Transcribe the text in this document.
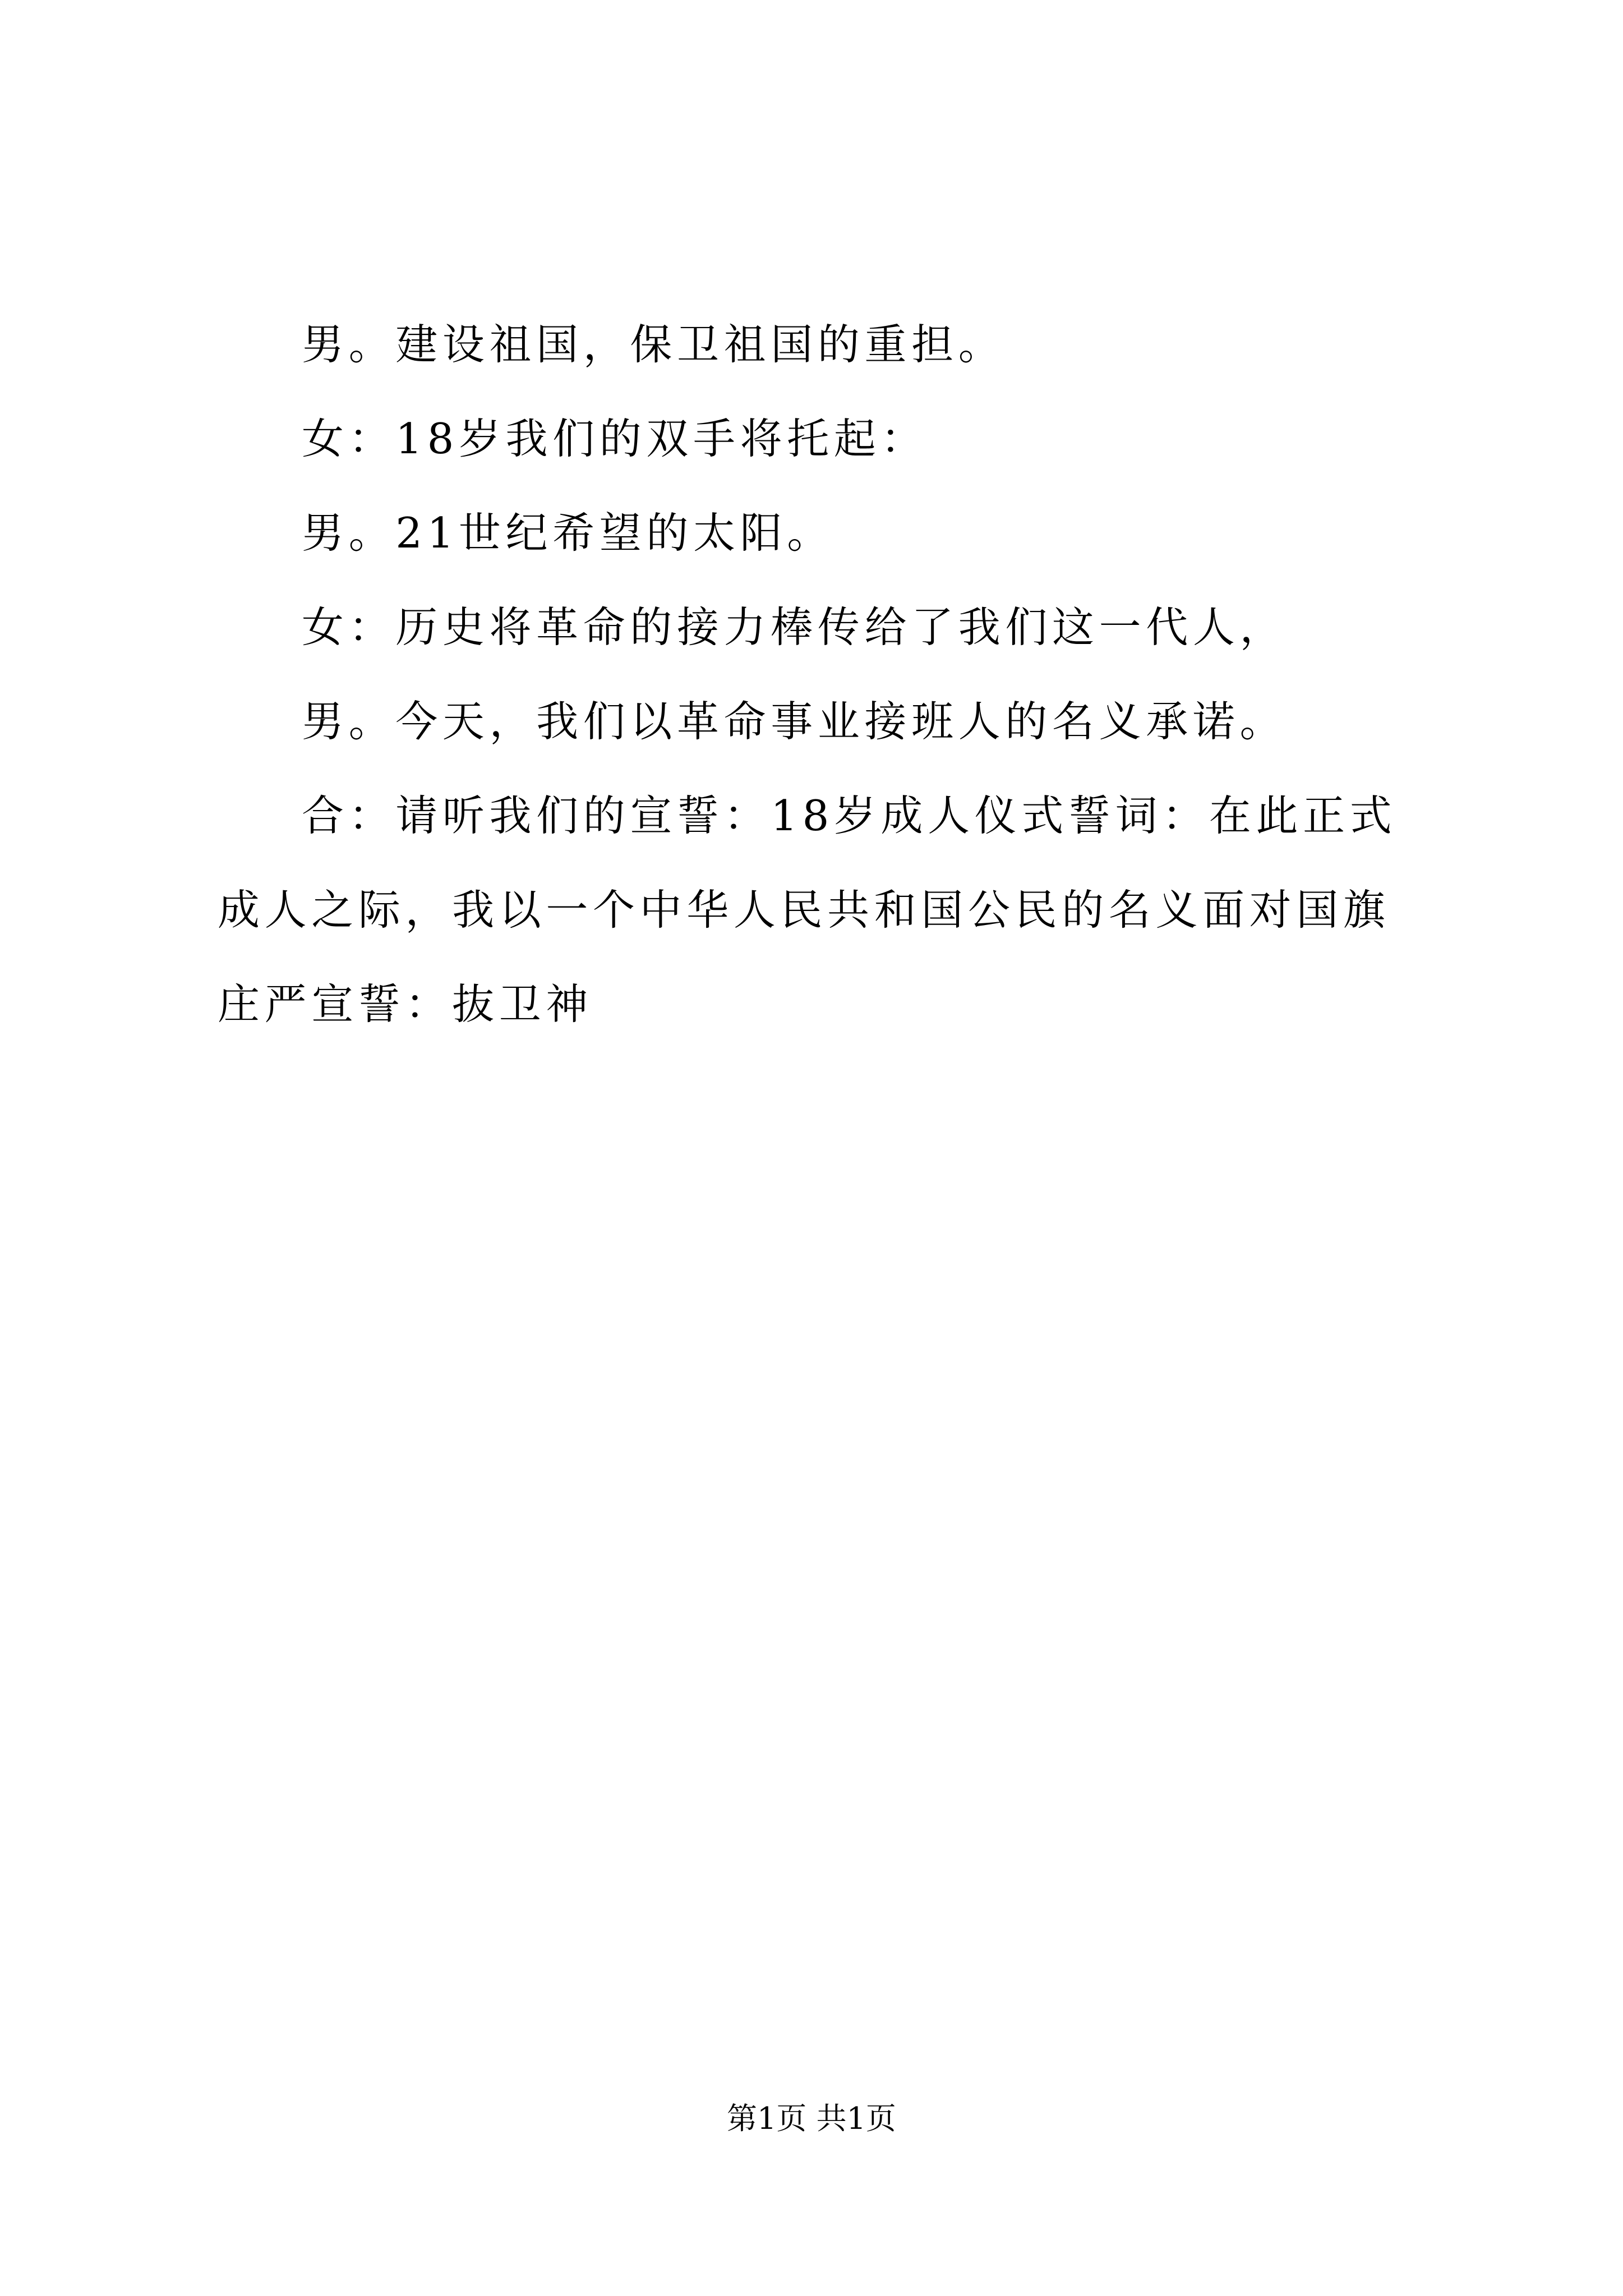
男。建设祖国，保卫祖国的重担。

女：18岁我们的双手将托起：

男。21世纪希望的太阳。

女：历史将革命的接力棒传给了我们这一代人，

男。今天，我们以革命事业接班人的名义承诺。

合：请听我们的宣誓：18岁成人仪式誓词：在此正式成人之际，我以一个中华人民共和国公民的名义面对国旗庄严宣誓：抜卫神

第1页 共1页
